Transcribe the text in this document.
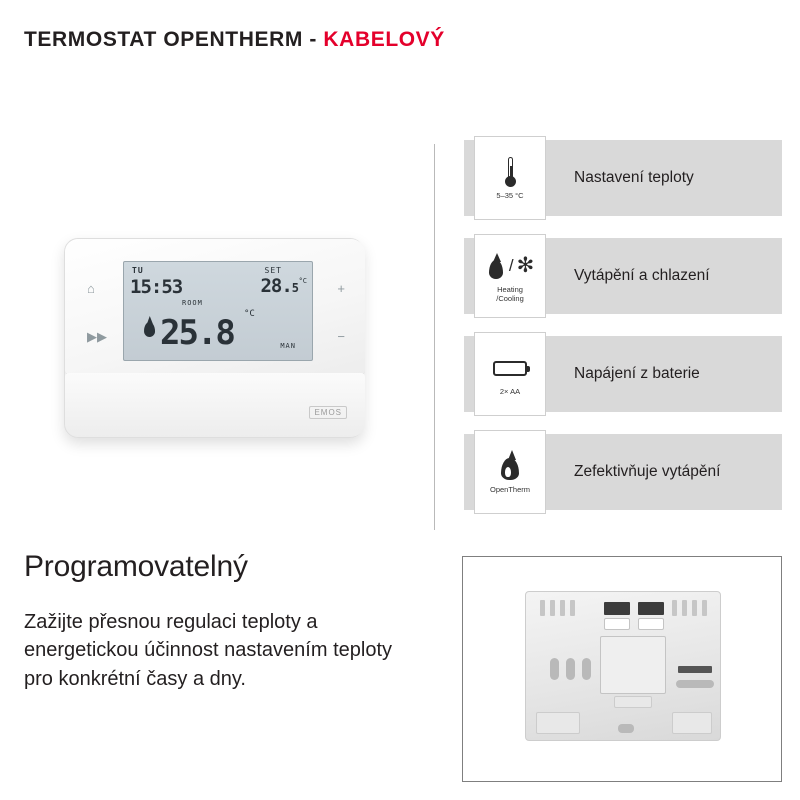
TERMOSTAT OPENTHERM - KABELOVÝ
TU
15:53
SET
28.5 °C
ROOM
°C
25.8	MAN
⌂
▶▶
+
−
EMOS
5–35 °C
Nastavení teploty
/ ✻
Heating
/Cooling
Vytápění a chlazení
2× AA
Napájení z baterie
OpenTherm
Zefektivňuje vytápění
Programovatelný
Zažijte přesnou regulaci teploty a energetickou účinnost nastavením teploty pro konkrétní časy a dny.
